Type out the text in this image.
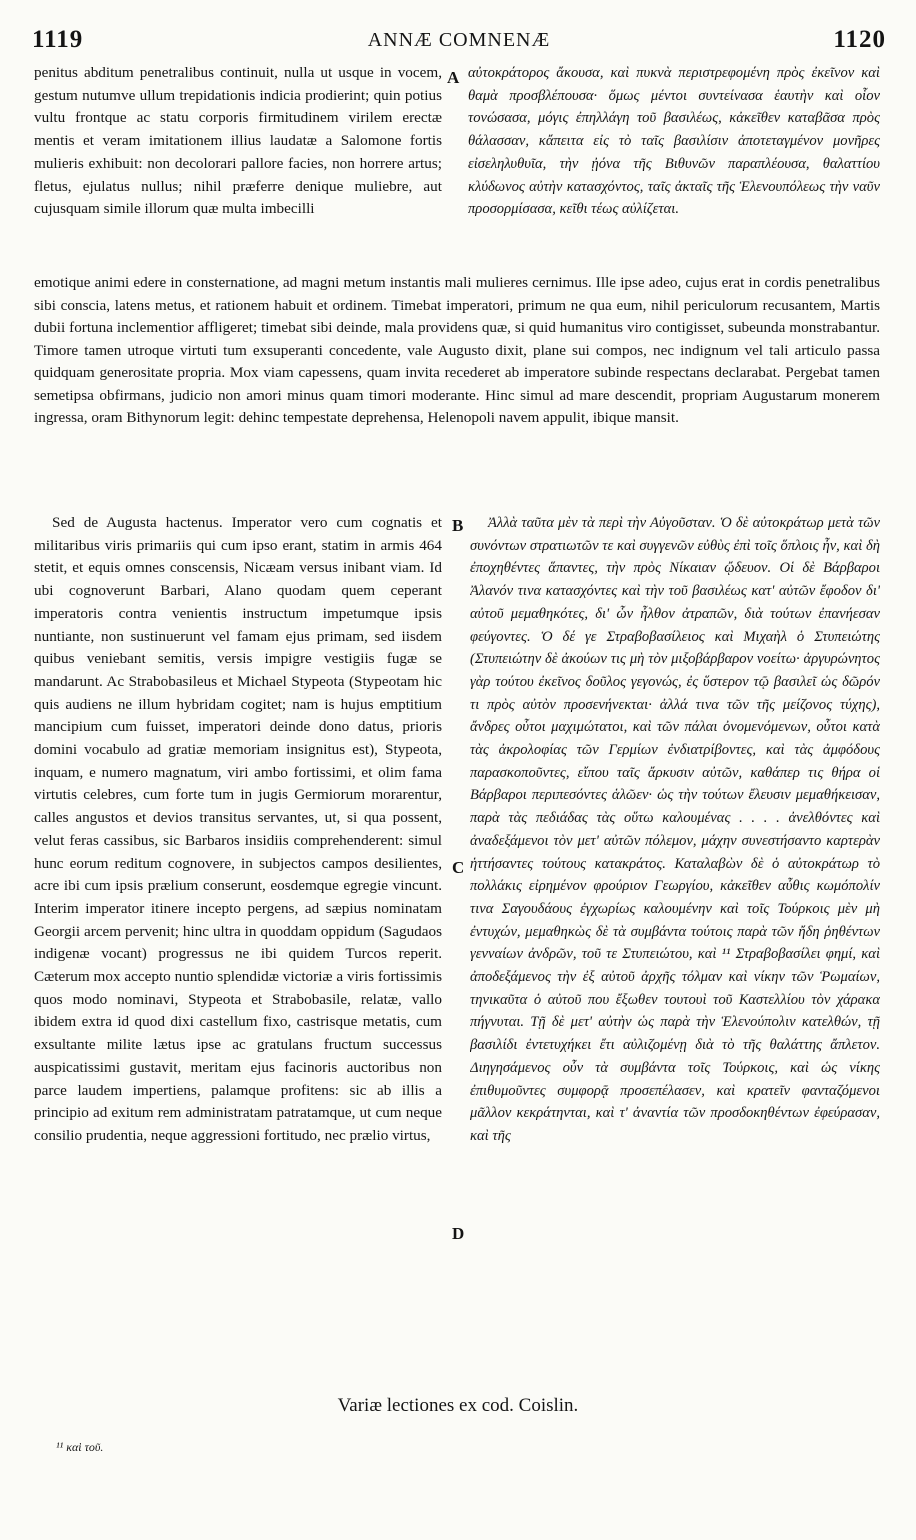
1119	ANNÆ COMNENÆ	1120
penitus abditum penetralibus continuit, nulla ut usque in vocem, gestum nutumve ullum trepidationis indicia prodierint; quin potius vultu frontque ac statu corporis firmitudinem virilem erectæ mentis et veram imitationem illius laudatæ a Salomone fortis mulieris exhibuit: non decolorari pallore facies, non horrere artus; fletus, ejulatus nullus; nihil præferre denique muliebre, aut cujusquam simile illorum quæ multa imbecilli
A αὐτοκράτορος ἄκουσα, καὶ πυκνὰ περιστρεφομένη πρὸς ἐκεῖνον καὶ θαμὰ προσβλέπουσα· ὅμως μέντοι συντείνασα ἑαυτὴν καὶ οἷον τονώσασα, μόγις ἐπηλλάγη τοῦ βασιλέως, κἀκεῖθεν καταβᾶσα πρὸς θάλασσαν, κἄπειτα εἰς τὸ ταῖς βασιλίσιν ἀποτεταγμένον μονῆρες εἰσεληλυθυῖα, τὴν ᾐόνα τῆς Βιθυνῶν παραπλέουσα, θαλαττίου κλύδωνος αὐτὴν κατασχόντος, ταῖς ἀκταῖς τῆς Ἑλενουπόλεως τὴν ναῦν προσορμίσασα, κεῖθι τέως αὐλίζεται.
emotique animi edere in consternatione, ad magni metum instantis mali mulieres cernimus. Ille ipse adeo, cujus erat in cordis penetralibus sibi conscia, latens metus, et rationem habuit et ordinem. Timebat imperatori, primum ne qua eum, nihil periculorum recusantem, Martis dubii fortuna inclementior affligeret; timebat sibi deinde, mala providens quæ, si quid humanitus viro contigisset, subeunda monstrabantur. Timore tamen utroque virtuti tum exsuperanti concedente, vale Augusto dixit, plane sui compos, nec indignum vel tali articulo passa quidquam generositate propria. Mox viam capessens, quam invita recederet ab imperatore subinde respectans declarabat. Pergebat tamen semetipsa obfirmans, judicio non amori minus quam timori moderante. Hinc simul ad mare descendit, propriam Augustarum monerem ingressa, oram Bithynorum legit: dehinc tempestate deprehensa, Helenopoli navem appulit, ibique mansit.
Sed de Augusta hactenus. Imperator vero cum cognatis et militaribus viris primariis qui cum ipso erant, statim in armis 464 stetit, et equis omnes conscensis, Nicæam versus inibant viam. Id ubi cognoverunt Barbari, Alano quodam quem ceperant imperatoris contra venientis instructum impetumque ipsis nuntiante, non sustinuerunt vel famam ejus primam, sed iisdem quibus veniebant semitis, versis impigre vestigiis fugæ se mandarunt. Ac Strabobasileus et Michael Stypeota (Stypeotam hic quis audiens ne illum hybridam cogitet; nam is hujus emptitium mancipium cum fuisset, imperatori deinde dono datus, prioris domini vocabulo ad gratiæ memoriam insignitus est), Stypeota, inquam, e numero magnatum, viri ambo fortissimi, et olim fama virtutis celebres, cum forte tum in jugis Germiorum morarentur, calles angustos et devios transitus servantes, ut, si qua possent, velut feras cassibus, sic Barbaros insidiis comprehenderent: simul hunc eorum reditum cognovere, in subjectos campos desilientes, acre ibi cum ipsis prælium conserunt, eosdemque egregie vincunt. Interim imperator itinere incepto pergens, ad sæpius nominatam Georgii arcem pervenit; hinc ultra in quoddam oppidum (Sagudaos indigenæ vocant) progressus ne ibi quidem Turcos reperit. Cæterum mox accepto nuntio splendidæ victoriæ a viris fortissimis quos modo nominavi, Stypeota et Strabobasile, relatæ, vallo ibidem extra id quod dixi castellum fixo, castrisque metatis, cum exsultante milite lætus ipse ac gratulans fructum successus auspicatissimi gustavit, meritam ejus facinoris auctoribus non parce laudem impertiens, palamque profitens: sic ab illis a principio ad exitum rem administratam patratamque, ut cum neque consilio prudentia, neque aggressioni fortitudo, nec prælio virtus,
B
C
D
Ἀλλὰ ταῦτα μὲν τὰ περὶ τὴν Αὐγοῦσταν. Ὁ δὲ αὐτοκράτωρ μετὰ τῶν συνόντων στρατιωτῶν τε καὶ συγγενῶν εὐθὺς ἐπὶ τοῖς ὅπλοις ἦν, καὶ δὴ ἐποχηθέντες ἅπαντες, τὴν πρὸς Νίκαιαν ᾤδευον. Οἱ δὲ Βάρβαροι Ἀλανόν τινα κατασχόντες καὶ τὴν τοῦ βασιλέως κατ' αὐτῶν ἔφοδον δι' αὐτοῦ μεμαθηκότες, δι' ὧν ἦλθον ἀτραπῶν, διὰ τούτων ἐπανήεσαν φεύγοντες. Ὁ δέ γε Στραβοβασίλειος καὶ Μιχαὴλ ὁ Στυπειώτης (Στυπειώτην δὲ ἀκούων τις μὴ τὸν μιξοβάρβαρον νοείτω· ἀργυρώνητος γὰρ τούτου ἐκεῖνος δοῦλος γεγονώς, ἐς ὕστερον τῷ βασιλεῖ ὡς δῶρόν τι πρὸς αὐτὸν προσενήνεκται· ἀλλά τινα τῶν τῆς μείζονος τύχης), ἄνδρες οὗτοι μαχιμώτατοι, καὶ τῶν πάλαι ὀνομενόμενων, οὗτοι κατὰ τὰς ἀκρολοφίας τῶν Γερμίων ἐνδιατρίβοντες, καὶ τὰς ἀμφόδους παρασκοποῦντες, εἴπου ταῖς ἄρκυσιν αὐτῶν, καθάπερ τις θήρα οἱ Βάρβαροι περιπεσόντες ἁλῶεν· ὡς τὴν τούτων ἔλευσιν μεμαθήκεισαν, παρὰ τὰς πεδιάδας τὰς οὕτω καλουμένας . . . . ἀνελθόντες καὶ ἀναδεξάμενοι τὸν μετ' αὐτῶν πόλεμον, μάχην συνεστήσαντο καρτερὰν ἡττήσαντες τούτους κατακράτος. Καταλαβὼν δὲ ὁ αὐτοκράτωρ τὸ πολλάκις εἰρημένον φρούριον Γεωργίου, κἀκεῖθεν αὖθις κωμόπολίν τινα Σαγουδάους ἐγχωρίως καλουμένην καὶ τοῖς Τούρκοις μὲν μὴ ἐντυχών, μεμαθηκὼς δὲ τὰ συμβάντα τούτοις παρὰ τῶν ἤδη ῥηθέντων γενναίων ἀνδρῶν, τοῦ τε Στυπειώτου, καὶ ¹¹ Στραβοβασίλει φημί, καὶ ἀποδεξάμενος τὴν ἐξ αὐτοῦ ἀρχῆς τόλμαν καὶ νίκην τῶν Ῥωμαίων, τηνικαῦτα ὁ αὐτοῦ που ἔξωθεν τουτουὶ τοῦ Καστελλίου τὸν χάρακα πήγνυται. Τῇ δὲ μετ' αὐτὴν ὡς παρὰ τὴν Ἑλενούπολιν κατελθών, τῇ βασιλίδι ἐντετυχήκει ἔτι αὐλιζομένῃ διὰ τὸ τῆς θαλάττης ἄπλετον. Διηγησάμενος οὖν τὰ συμβάντα τοῖς Τούρκοις, καὶ ὡς νίκης ἐπιθυμοῦντες συμφορᾷ προσεπέλασεν, καὶ κρατεῖν φανταζόμενοι μᾶλλον κεκράτηνται, καὶ τ' ἀναντία τῶν προσδοκηθέντων ἐφεύρασαν, καὶ τῆς
Variæ lectiones ex cod. Coislin.
¹¹ καὶ τοῦ.
